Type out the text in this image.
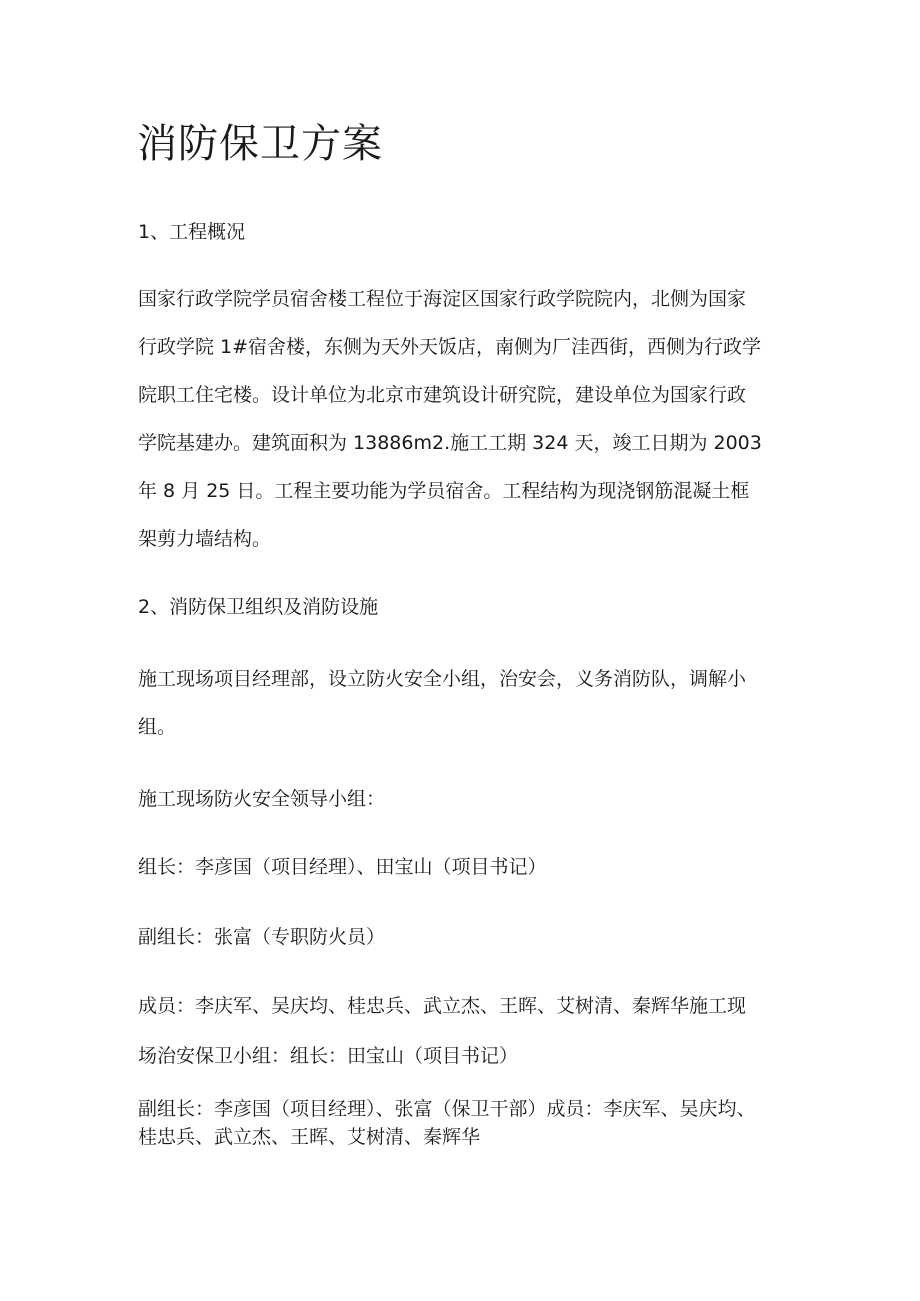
消防保卫方案

1、工程概况

国家行政学院学员宿舍楼工程位于海淀区国家行政学院院内，北侧为国家

行政学院 1#宿舍楼，东侧为天外天饭店，南侧为厂洼西街，西侧为行政学

院职工住宅楼。设计单位为北京市建筑设计研究院，建设单位为国家行政

学院基建办。建筑面积为 13886m2.施工工期 324 天，竣工日期为 2003

年 8 月 25 日。工程主要功能为学员宿舍。工程结构为现浇钢筋混凝土框

架剪力墙结构。

2、消防保卫组织及消防设施

施工现场项目经理部，设立防火安全小组，治安会，义务消防队，调解小

组。

施工现场防火安全领导小组：

组长：李彦国（项目经理）、田宝山（项目书记）

副组长：张富（专职防火员）

成员：李庆军、吴庆均、桂忠兵、武立杰、王晖、艾树清、秦辉华施工现

场治安保卫小组：组长：田宝山（项目书记）

副组长：李彦国（项目经理）、张富（保卫干部）成员：李庆军、吴庆均、

桂忠兵、武立杰、王晖、艾树清、秦辉华
